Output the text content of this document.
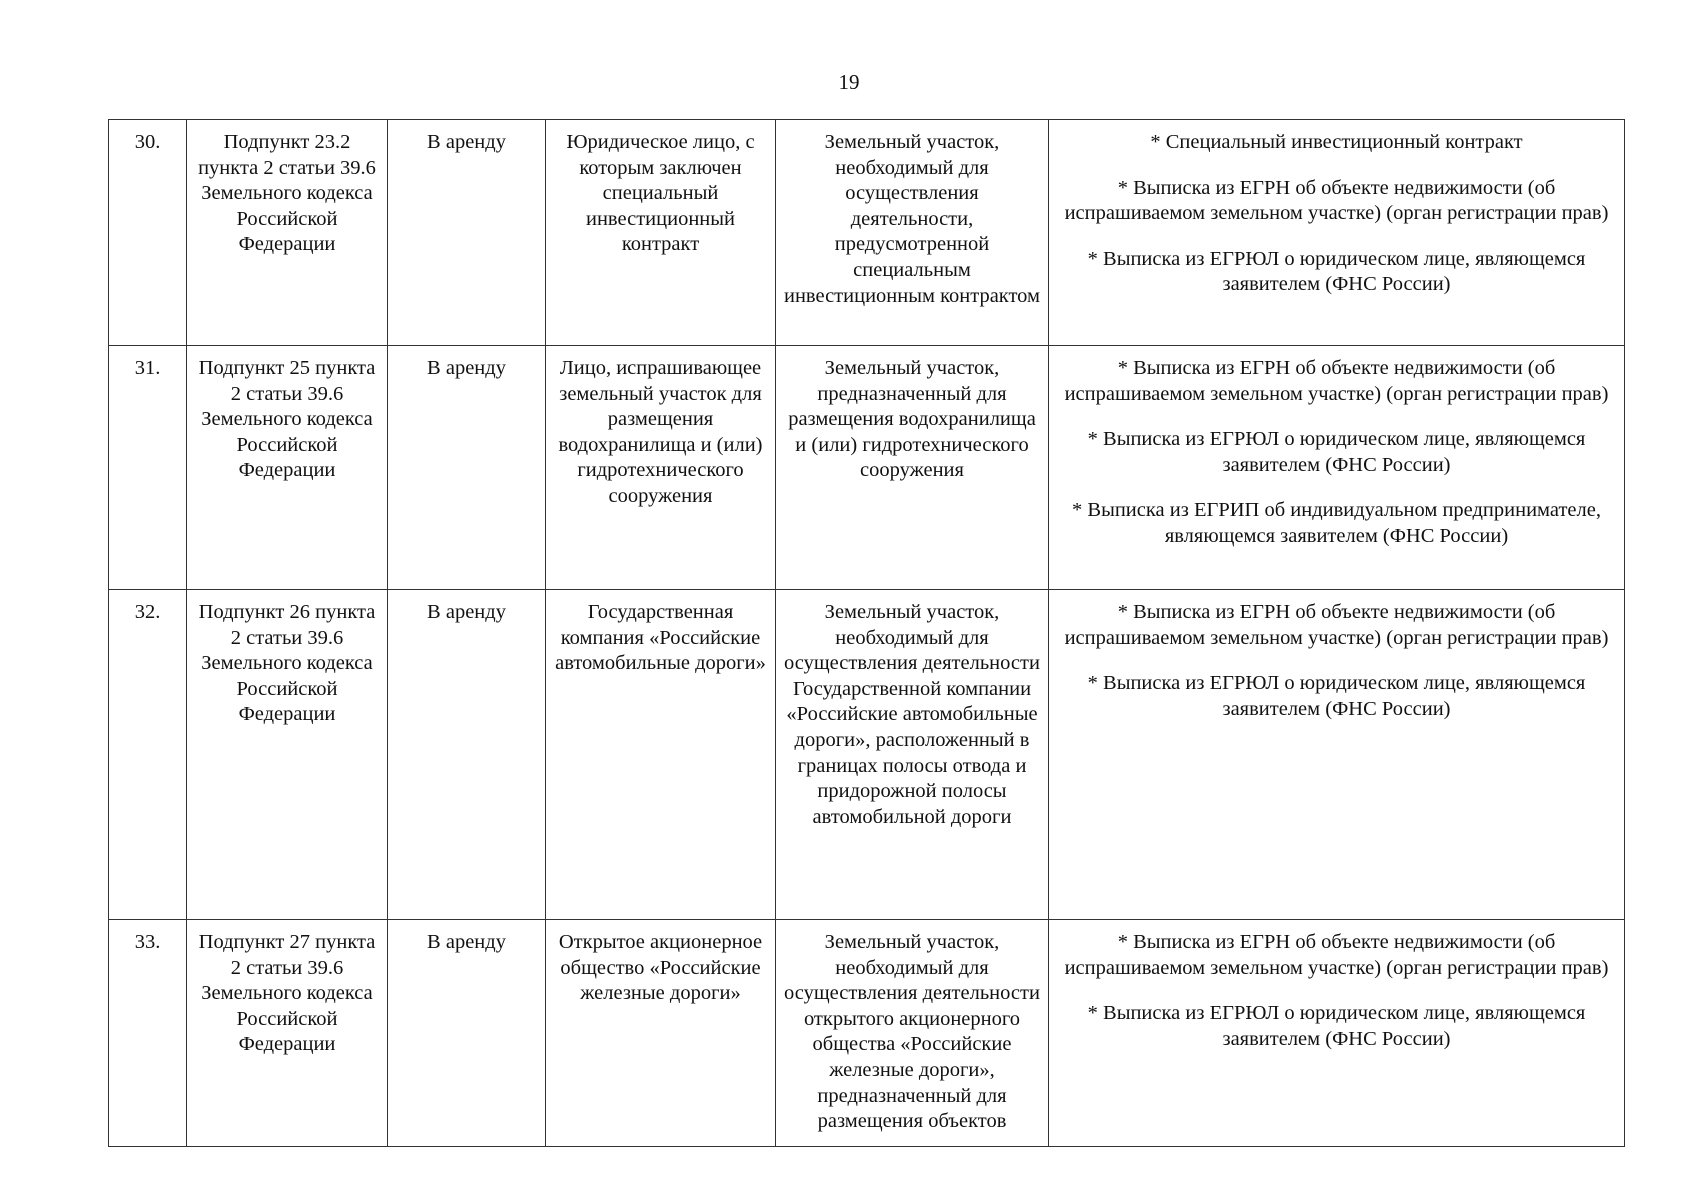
19
30.	Подпункт 23.2 пункта 2 статьи 39.6 Земельного кодекса Российской Федерации	В аренду	Юридическое лицо, с которым заключен специальный инвестиционный контракт	Земельный участок, необходимый для осуществления деятельности, предусмотренной специальным инвестиционным контрактом	* Специальный инвестиционный контракт
* Выписка из ЕГРН об объекте недвижимости (об испрашиваемом земельном участке) (орган регистрации прав)
* Выписка из ЕГРЮЛ о юридическом лице, являющемся заявителем (ФНС России)

31.	Подпункт 25 пункта 2 статьи 39.6 Земельного кодекса Российской Федерации	В аренду	Лицо, испрашивающее земельный участок для размещения водохранилища и (или) гидротехнического сооружения	Земельный участок, предназначенный для размещения водохранилища и (или) гидротехнического сооружения	* Выписка из ЕГРН об объекте недвижимости (об испрашиваемом земельном участке) (орган регистрации прав)
* Выписка из ЕГРЮЛ о юридическом лице, являющемся заявителем (ФНС России)
* Выписка из ЕГРИП об индивидуальном предпринимателе, являющемся заявителем (ФНС России)

32.	Подпункт 26 пункта 2 статьи 39.6 Земельного кодекса Российской Федерации	В аренду	Государственная компания «Российские автомобильные дороги»	Земельный участок, необходимый для осуществления деятельности Государственной компании «Российские автомобильные дороги», расположенный в границах полосы отвода и придорожной полосы автомобильной дороги	* Выписка из ЕГРН об объекте недвижимости (об испрашиваемом земельном участке) (орган регистрации прав)
* Выписка из ЕГРЮЛ о юридическом лице, являющемся заявителем (ФНС России)

33.	Подпункт 27 пункта 2 статьи 39.6 Земельного кодекса Российской Федерации	В аренду	Открытое акционерное общество «Российские железные дороги»	Земельный участок, необходимый для осуществления деятельности открытого акционерного общества «Российские железные дороги», предназначенный для размещения объектов	* Выписка из ЕГРН об объекте недвижимости (об испрашиваемом земельном участке) (орган регистрации прав)
* Выписка из ЕГРЮЛ о юридическом лице, являющемся заявителем (ФНС России)
